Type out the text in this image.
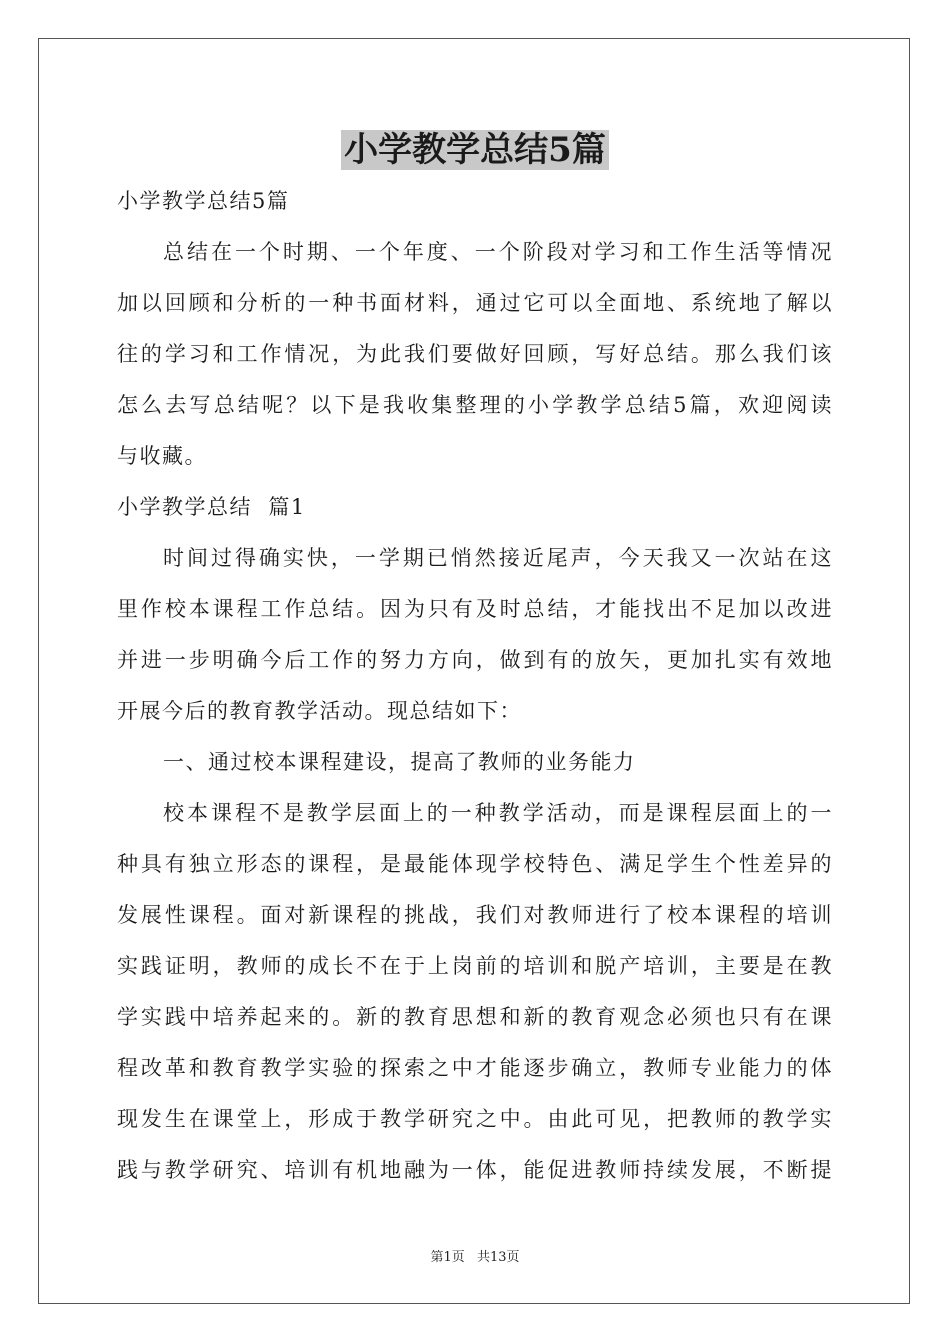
小学教学总结5篇

小学教学总结5篇

总结在一个时期、一个年度、一个阶段对学习和工作生活等情况

加以回顾和分析的一种书面材料，通过它可以全面地、系统地了解以

往的学习和工作情况，为此我们要做好回顾，写好总结。那么我们该

怎么去写总结呢？以下是我收集整理的小学教学总结5篇，欢迎阅读

与收藏。

小学教学总结  篇1

时间过得确实快，一学期已悄然接近尾声，今天我又一次站在这

里作校本课程工作总结。因为只有及时总结，才能找出不足加以改进

并进一步明确今后工作的努力方向，做到有的放矢，更加扎实有效地

开展今后的教育教学活动。现总结如下：

一、通过校本课程建设，提高了教师的业务能力

校本课程不是教学层面上的一种教学活动，而是课程层面上的一

种具有独立形态的课程，是最能体现学校特色、满足学生个性差异的

发展性课程。面对新课程的挑战，我们对教师进行了校本课程的培训

实践证明，教师的成长不在于上岗前的培训和脱产培训，主要是在教

学实践中培养起来的。新的教育思想和新的教育观念必须也只有在课

程改革和教育教学实验的探索之中才能逐步确立，教师专业能力的体

现发生在课堂上，形成于教学研究之中。由此可见，把教师的教学实

践与教学研究、培训有机地融为一体，能促进教师持续发展，不断提

第1页 共13页
